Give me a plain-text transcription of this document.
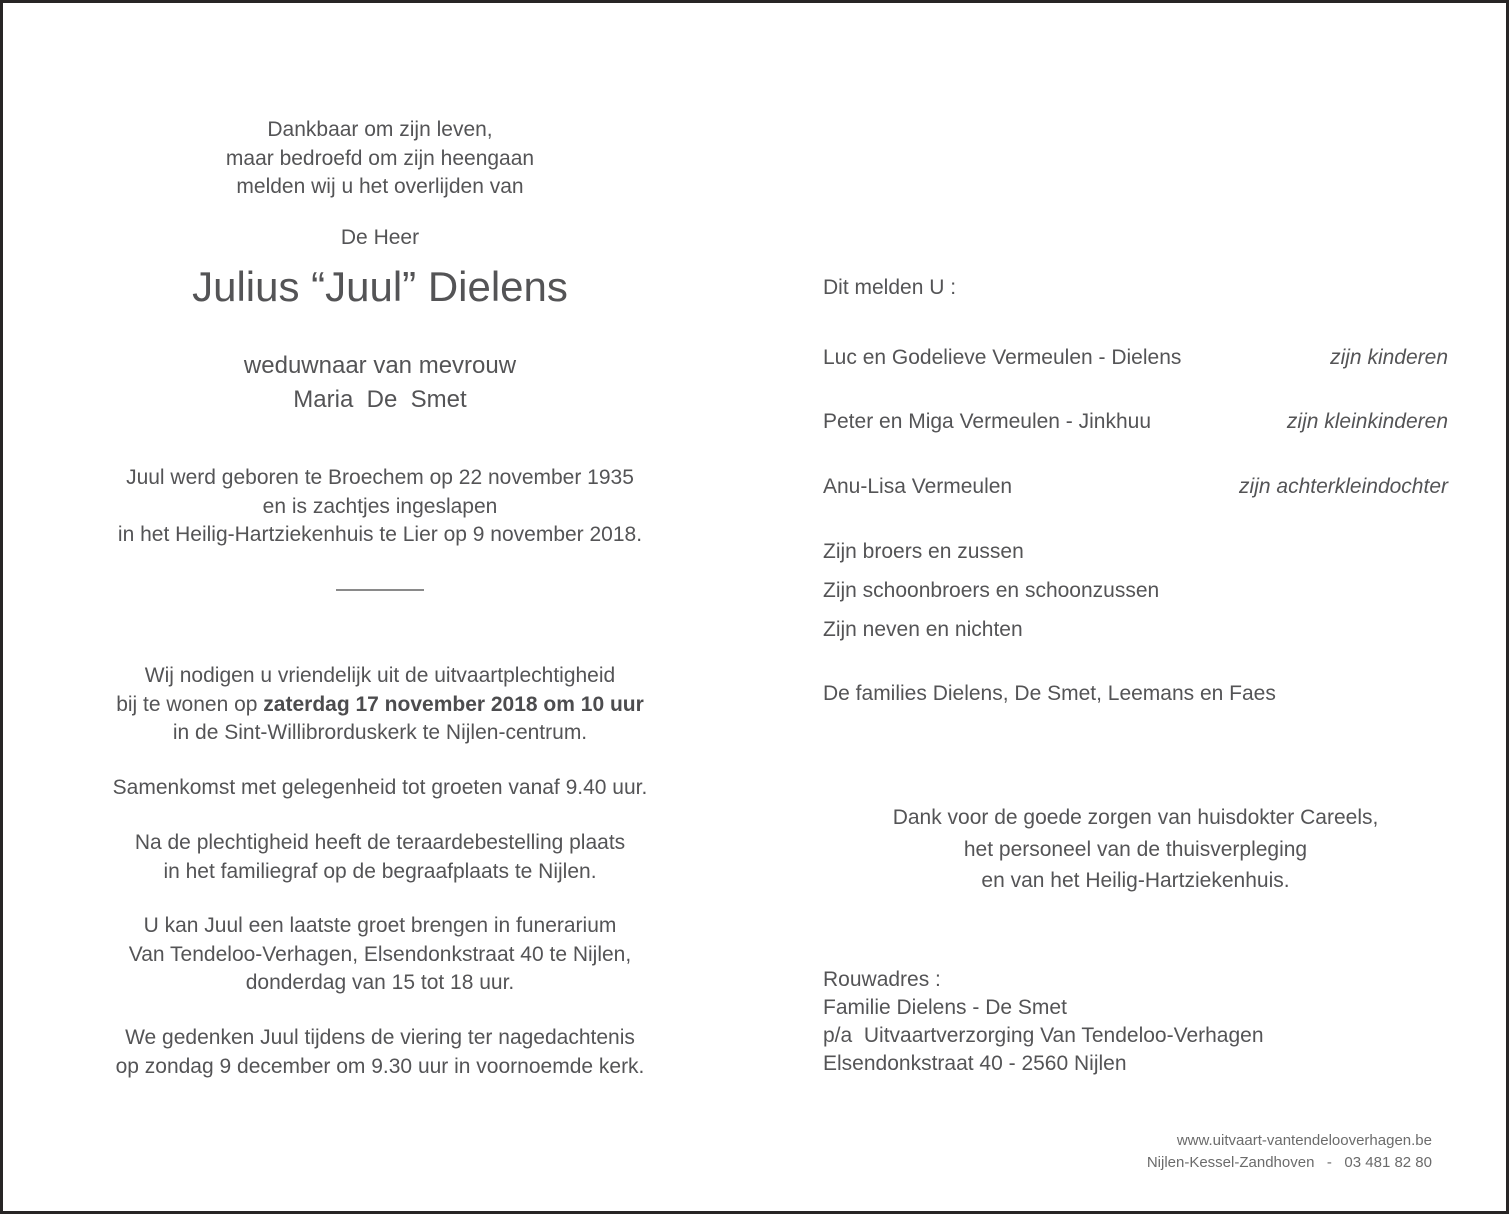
Dankbaar om zijn leven,
maar bedroefd om zijn heengaan
melden wij u het overlijden van
De Heer
Julius “Juul” Dielens
weduwnaar van mevrouw
Maria  De  Smet
Juul werd geboren te Broechem op 22 november 1935
en is zachtjes ingeslapen
in het Heilig-Hartziekenhuis te Lier op 9 november 2018.
Wij nodigen u vriendelijk uit de uitvaartplechtigheid
bij te wonen op zaterdag 17 november 2018 om 10 uur
in de Sint-Willibrorduskerk te Nijlen-centrum.
Samenkomst met gelegenheid tot groeten vanaf 9.40 uur.
Na de plechtigheid heeft de teraardebestelling plaats
in het familiegraf op de begraafplaats te Nijlen.
U kan Juul een laatste groet brengen in funerarium
Van Tendeloo-Verhagen, Elsendonkstraat 40 te Nijlen,
donderdag van 15 tot 18 uur.
We gedenken Juul tijdens de viering ter nagedachtenis
op zondag 9 december om 9.30 uur in voornoemde kerk.
Dit melden U :
Luc en Godelieve Vermeulen - Dielens	zijn kinderen
Peter en Miga Vermeulen - Jinkhuu	zijn kleinkinderen
Anu-Lisa Vermeulen	zijn achterkleindochter
Zijn broers en zussen
Zijn schoonbroers en schoonzussen
Zijn neven en nichten
De families Dielens, De Smet, Leemans en Faes
Dank voor de goede zorgen van huisdokter Careels,
het personeel van de thuisverpleging
en van het Heilig-Hartziekenhuis.
Rouwadres :
Familie Dielens - De Smet
p/a  Uitvaartverzorging Van Tendeloo-Verhagen
Elsendonkstraat 40 - 2560 Nijlen
www.uitvaart-vantendelooverhagen.be
Nijlen-Kessel-Zandhoven   -   03 481 82 80
